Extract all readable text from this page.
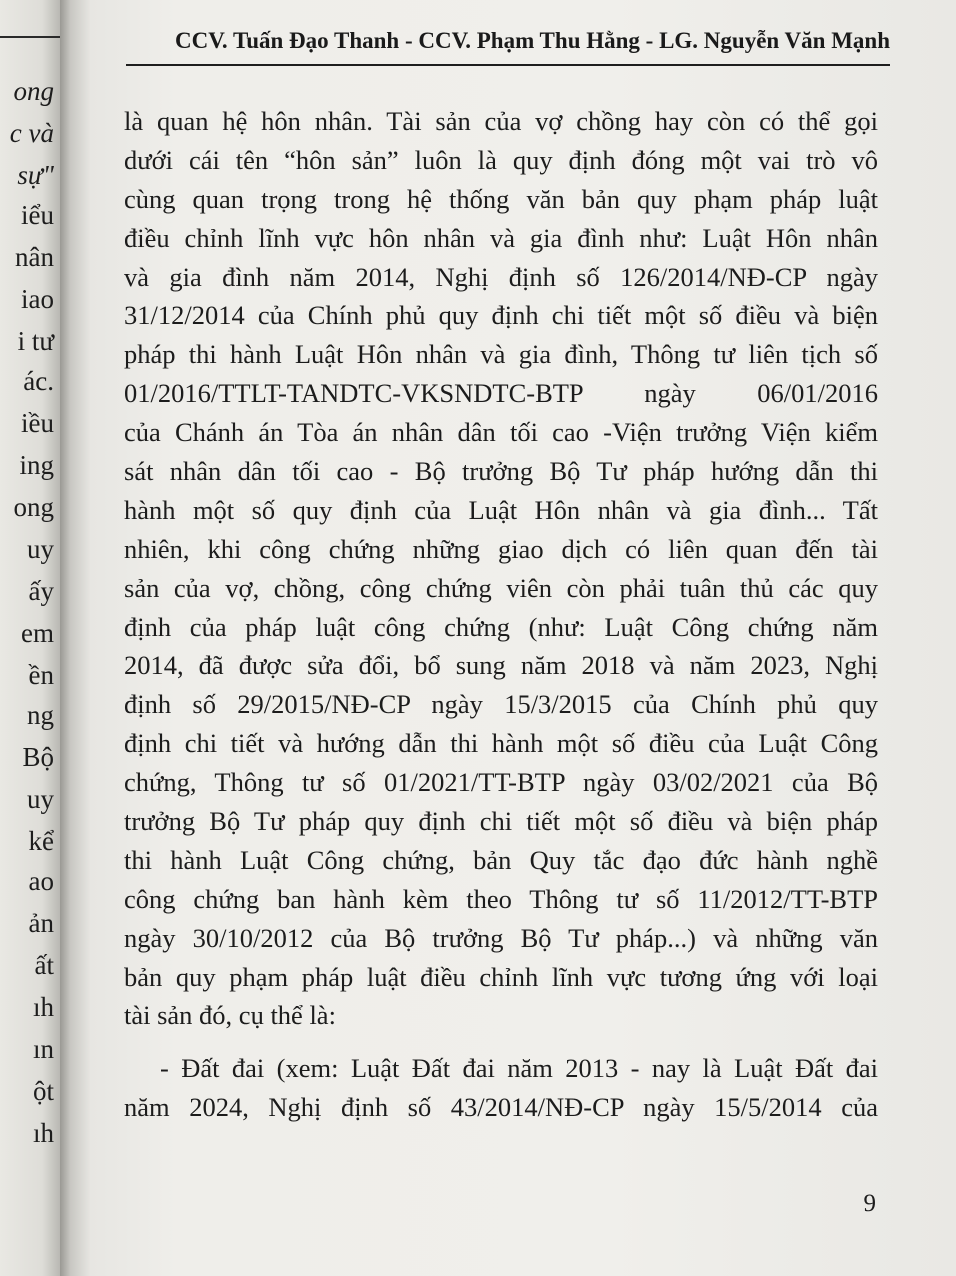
ong
c và
sự"
iểu
nân
iao
i tư
ác.
iều
ing
ong
uy
ấy
em
ền
ng
Bộ
uy
kể
ao
ản
ất
ıh
ın
ột
ıh
CCV. Tuấn Đạo Thanh - CCV. Phạm Thu Hằng - LG. Nguyễn Văn Mạnh
là quan hệ hôn nhân. Tài sản của vợ chồng hay còn có thể gọi
dưới cái tên “hôn sản” luôn là quy định đóng một vai trò vô
cùng quan trọng trong hệ thống văn bản quy phạm pháp luật
điều chỉnh lĩnh vực hôn nhân và gia đình như: Luật Hôn nhân
và gia đình năm 2014, Nghị định số 126/2014/NĐ-CP ngày
31/12/2014 của Chính phủ quy định chi tiết một số điều và biện
pháp thi hành Luật Hôn nhân và gia đình, Thông tư liên tịch số
01/2016/TTLT-TANDTC-VKSNDTC-BTP ngày 06/01/2016
của Chánh án Tòa án nhân dân tối cao -Viện trưởng Viện kiểm
sát nhân dân tối cao - Bộ trưởng Bộ Tư pháp hướng dẫn thi
hành một số quy định của Luật Hôn nhân và gia đình... Tất
nhiên, khi công chứng những giao dịch có liên quan đến tài
sản của vợ, chồng, công chứng viên còn phải tuân thủ các quy
định của pháp luật công chứng (như: Luật Công chứng năm
2014, đã được sửa đổi, bổ sung năm 2018 và năm 2023, Nghị
định số 29/2015/NĐ-CP ngày 15/3/2015 của Chính phủ quy
định chi tiết và hướng dẫn thi hành một số điều của Luật Công
chứng, Thông tư số 01/2021/TT-BTP ngày 03/02/2021 của Bộ
trưởng Bộ Tư pháp quy định chi tiết một số điều và biện pháp
thi hành Luật Công chứng, bản Quy tắc đạo đức hành nghề
công chứng ban hành kèm theo Thông tư số 11/2012/TT-BTP
ngày 30/10/2012 của Bộ trưởng Bộ Tư pháp...) và những văn
bản quy phạm pháp luật điều chỉnh lĩnh vực tương ứng với loại
tài sản đó, cụ thể là:
- Đất đai (xem: Luật Đất đai năm 2013 - nay là Luật Đất đai
năm 2024, Nghị định số 43/2014/NĐ-CP ngày 15/5/2014 của
9
